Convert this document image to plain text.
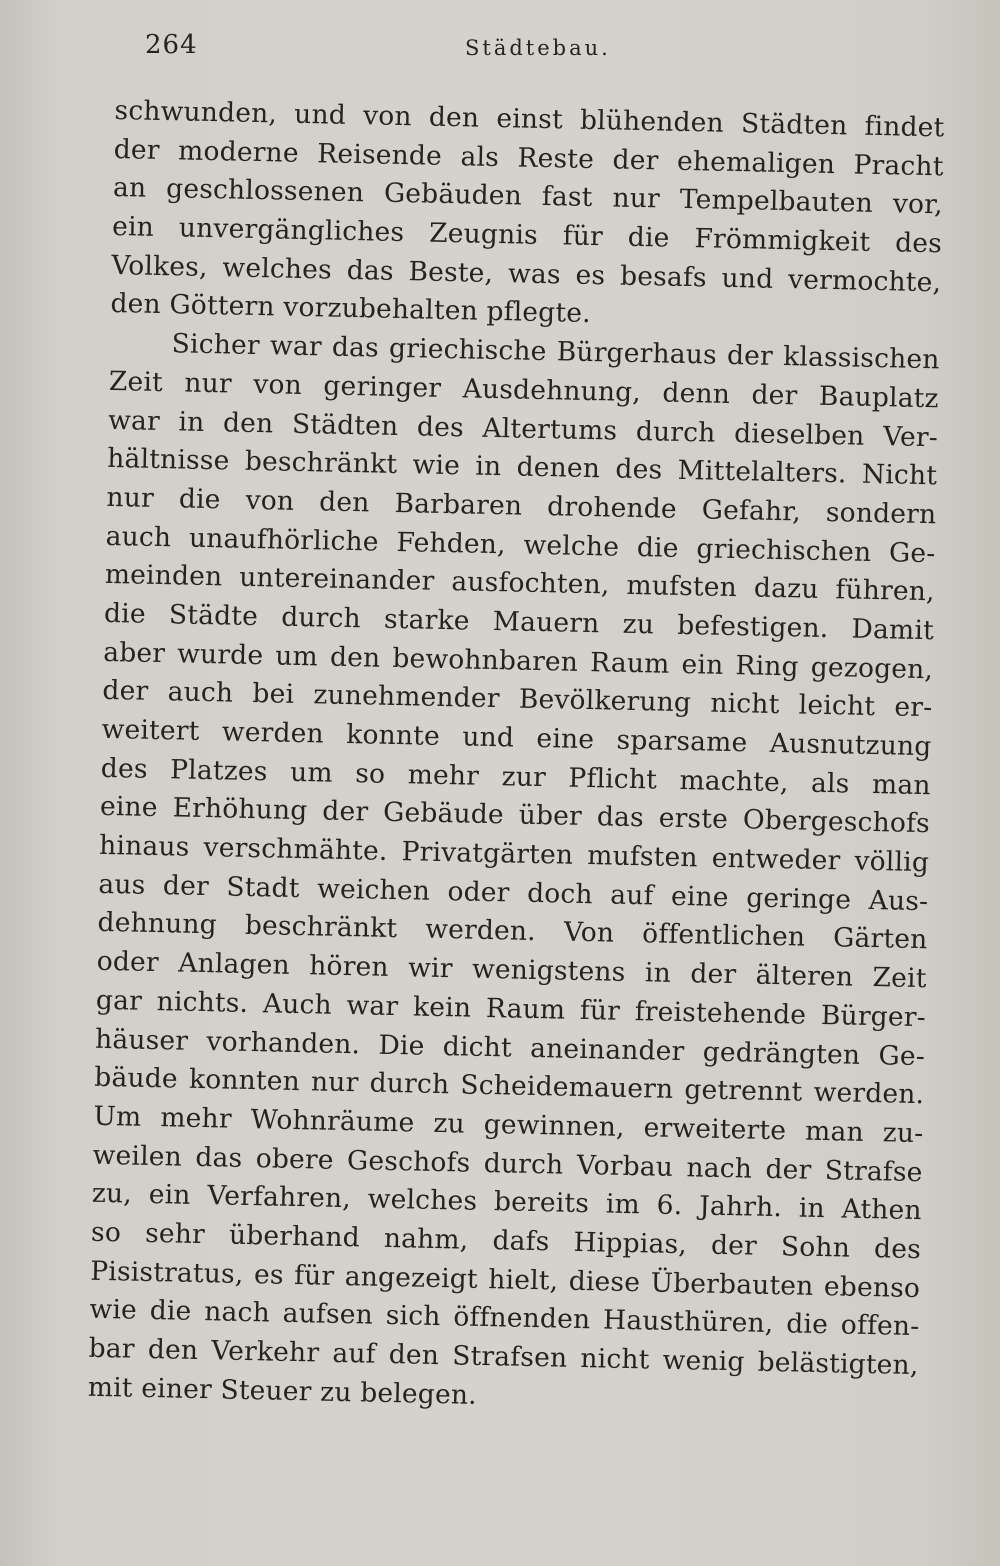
264	Städtebau.
schwunden, und von den einst blühenden Städten findet
der moderne Reisende als Reste der ehemaligen Pracht
an geschlossenen Gebäuden fast nur Tempelbauten vor,
ein unvergängliches Zeugnis für die Frömmigkeit des
Volkes, welches das Beste, was es besafs und vermochte,
den Göttern vorzubehalten pflegte.
Sicher war das griechische Bürgerhaus der klassischen
Zeit nur von geringer Ausdehnung, denn der Bauplatz
war in den Städten des Altertums durch dieselben Ver-
hältnisse beschränkt wie in denen des Mittelalters. Nicht
nur die von den Barbaren drohende Gefahr, sondern
auch unaufhörliche Fehden, welche die griechischen Ge-
meinden untereinander ausfochten, mufsten dazu führen,
die Städte durch starke Mauern zu befestigen. Damit
aber wurde um den bewohnbaren Raum ein Ring gezogen,
der auch bei zunehmender Bevölkerung nicht leicht er-
weitert werden konnte und eine sparsame Ausnutzung
des Platzes um so mehr zur Pflicht machte, als man
eine Erhöhung der Gebäude über das erste Obergeschofs
hinaus verschmähte. Privatgärten mufsten entweder völlig
aus der Stadt weichen oder doch auf eine geringe Aus-
dehnung beschränkt werden. Von öffentlichen Gärten
oder Anlagen hören wir wenigstens in der älteren Zeit
gar nichts. Auch war kein Raum für freistehende Bürger-
häuser vorhanden. Die dicht aneinander gedrängten Ge-
bäude konnten nur durch Scheidemauern getrennt werden.
Um mehr Wohnräume zu gewinnen, erweiterte man zu-
weilen das obere Geschofs durch Vorbau nach der Strafse
zu, ein Verfahren, welches bereits im 6. Jahrh. in Athen
so sehr überhand nahm, dafs Hippias, der Sohn des
Pisistratus, es für angezeigt hielt, diese Überbauten ebenso
wie die nach aufsen sich öffnenden Hausthüren, die offen-
bar den Verkehr auf den Strafsen nicht wenig belästigten,
mit einer Steuer zu belegen.
